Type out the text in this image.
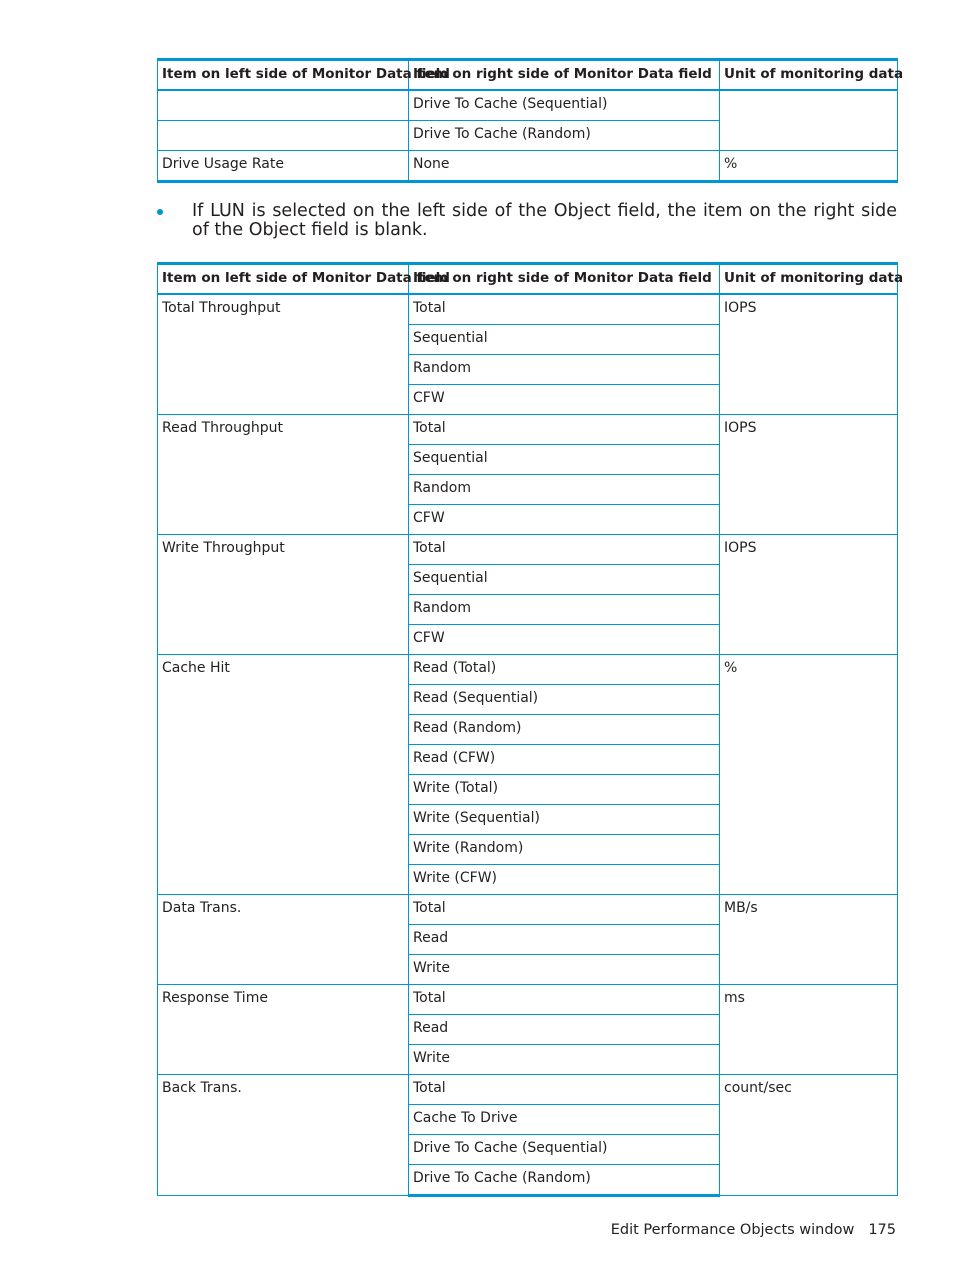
Item on left side of Monitor Data field	Item on right side of Monitor Data field	Unit of monitoring data
	Drive To Cache (Sequential)	
	Drive To Cache (Random)	
Drive Usage Rate	None	%
If LUN is selected on the left side of the Object field, the item on the right side of the Object field is blank.
Item on left side of Monitor Data field	Item on right side of Monitor Data field	Unit of monitoring data
Total Throughput	Total	IOPS
	Sequential	
	Random	
	CFW	
Read Throughput	Total	IOPS
	Sequential	
	Random	
	CFW	
Write Throughput	Total	IOPS
	Sequential	
	Random	
	CFW	
Cache Hit	Read (Total)	%
	Read (Sequential)	
	Read (Random)	
	Read (CFW)	
	Write (Total)	
	Write (Sequential)	
	Write (Random)	
	Write (CFW)	
Data Trans.	Total	MB/s
	Read	
	Write	
Response Time	Total	ms
	Read	
	Write	
Back Trans.	Total	count/sec
	Cache To Drive	
	Drive To Cache (Sequential)	
	Drive To Cache (Random)	
Edit Performance Objects window 175
